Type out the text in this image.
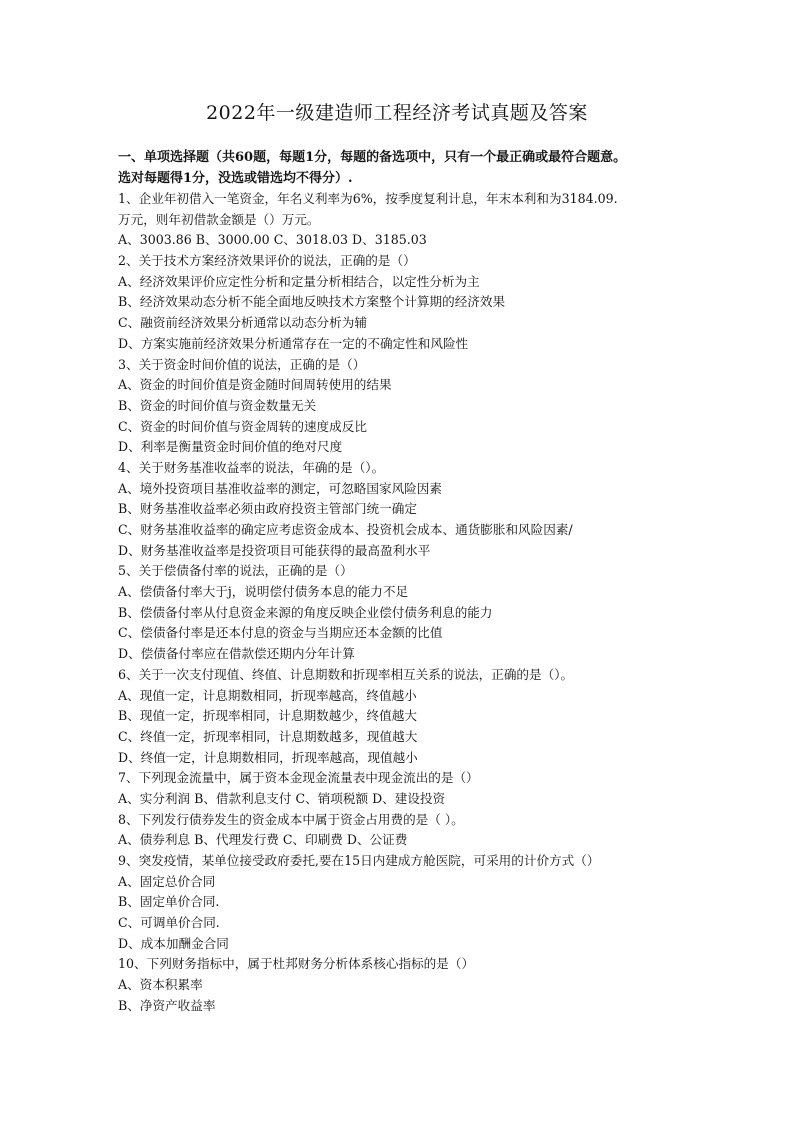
2022年一级建造师工程经济考试真题及答案
一、单项选择题（共60题，每题1分，每题的备选项中，只有一个最正确或最符合题意。
选对每题得1分，没选或错选均不得分）.
1、企业年初借入一笔资金，年名义利率为6%，按季度复利计息，年末本利和为3184.09.
万元，则年初借款金额是（）万元。
A、3003.86 B、3000.00 C、3018.03 D、3185.03
2、关于技术方案经济效果评价的说法，正确的是（）
A、经济效果评价应定性分析和定量分析相结合，以定性分析为主
B、经济效果动态分析不能全面地反映技术方案整个计算期的经济效果
C、融资前经济效果分析通常以动态分析为辅
D、方案实施前经济效果分析通常存在一定的不确定性和风险性
3、关于资金时间价值的说法，正确的是（）
A、资金的时间价值是资金随时间周转使用的结果
B、资金的时间价值与资金数量无关
C、资金的时间价值与资金周转的速度成反比
D、利率是衡量资金时间价值的绝对尺度
4、关于财务基准收益率的说法，年确的是（）。
A、境外投资项目基准收益率的测定，可忽略国家风险因素
B、财务基准收益率必须由政府投资主管部门统一确定
C、财务基准收益率的确定应考虑资金成本、投资机会成本、通货膨胀和风险因素/
D、财务基准收益率是投资项目可能获得的最高盈利水平
5、关于偿债备付率的说法，正确的是（）
A、偿债备付率大于j，说明偿付债务本息的能力不足
B、偿债备付率从付息资金来源的角度反映企业偿付债务利息的能力
C、偿债备付率是还本付息的资金与当期应还本金额的比值
D、偿债备付率应在借款偿还期内分年计算
6、关于一次支付现值、终值、计息期数和折现率相互关系的说法，正确的是（）。
A、现值一定，计息期数相同，折现率越高，终值越小
B、现值一定，折现率相同，计息期数越少，终值越大
C、终值一定，折现率相同，计息期数越多，现值越大
D、终值一定，计息期数相同，折现率越高，现值越小
7、下列现金流量中，属于资本金现金流量表中现金流出的是（）
A、实分利润 B、借款利息支付 C、销项税额 D、建设投资
8、下列发行债券发生的资金成本中属于资金占用费的是（ ）。
A、债券利息 B、代理发行费 C、印刷费 D、公证费
9、突发疫情，某单位接受政府委托,要在15日内建成方舱医院，可采用的计价方式（）
A、固定总价合同
B、固定单价合同.
C、可调单价合同.
D、成本加酬金合同
10、下列财务指标中，属于杜邦财务分析体系核心指标的是（）
A、资本积累率
B、净资产收益率
